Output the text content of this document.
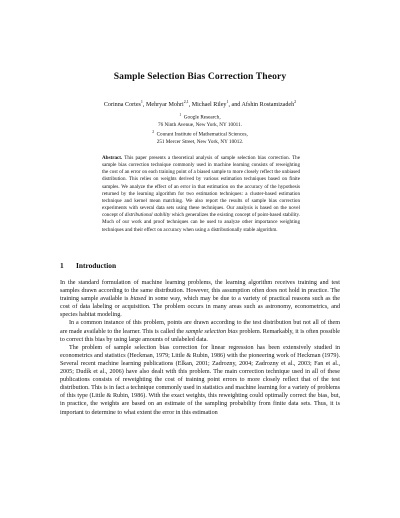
Sample Selection Bias Correction Theory
Corinna Cortes$^1$, Mehryar Mohri$^{2,1}$, Michael Riley$^1$, and Afshin Rostamizadeh$^2$
$^1$ Google Research,
76 Ninth Avenue, New York, NY 10011.
$^2$ Courant Institute of Mathematical Sciences,
251 Mercer Street, New York, NY 10012.
Abstract. This paper presents a theoretical analysis of sample selection bias correction. The sample bias correction technique commonly used in machine learning consists of reweighting the cost of an error on each training point of a biased sample to more closely reflect the unbiased distribution. This relies on weights derived by various estimation techniques based on finite samples. We analyze the effect of an error in that estimation on the accuracy of the hypothesis returned by the learning algorithm for two estimation techniques: a cluster-based estimation technique and kernel mean matching. We also report the results of sample bias correction experiments with several data sets using these techniques. Our analysis is based on the novel concept of distributional stability which generalizes the existing concept of point-based stability. Much of our work and proof techniques can be used to analyze other importance weighting techniques and their effect on accuracy when using a distributionally stable algorithm.
1 Introduction

In the standard formulation of machine learning problems, the learning algorithm receives training and test samples drawn according to the same distribution. However, this assumption often does not hold in practice. The training sample available is biased in some way, which may be due to a variety of practical reasons such as the cost of data labeling or acquisition. The problem occurs in many areas such as astronomy, econometrics, and species habitat modeling.

In a common instance of this problem, points are drawn according to the test distribution but not all of them are made available to the learner. This is called the sample selection bias problem. Remarkably, it is often possible to correct this bias by using large amounts of unlabeled data.

The problem of sample selection bias correction for linear regression has been extensively studied in econometrics and statistics (Heckman, 1979; Little & Rubin, 1986) with the pioneering work of Heckman (1979). Several recent machine learning publications (Elkan, 2001; Zadrozny, 2004; Zadrozny et al., 2003; Fan et al., 2005; Dudík et al., 2006) have also dealt with this problem. The main correction technique used in all of these publications consists of reweighting the cost of training point errors to more closely reflect that of the test distribution. This is in fact a technique commonly used in statistics and machine learning for a variety of problems of this type (Little & Rubin, 1986). With the exact weights, this reweighting could optimally correct the bias, but, in practice, the weights are based on an estimate of the sampling probability from finite data sets. Thus, it is important to determine to what extent the error in this estimation
